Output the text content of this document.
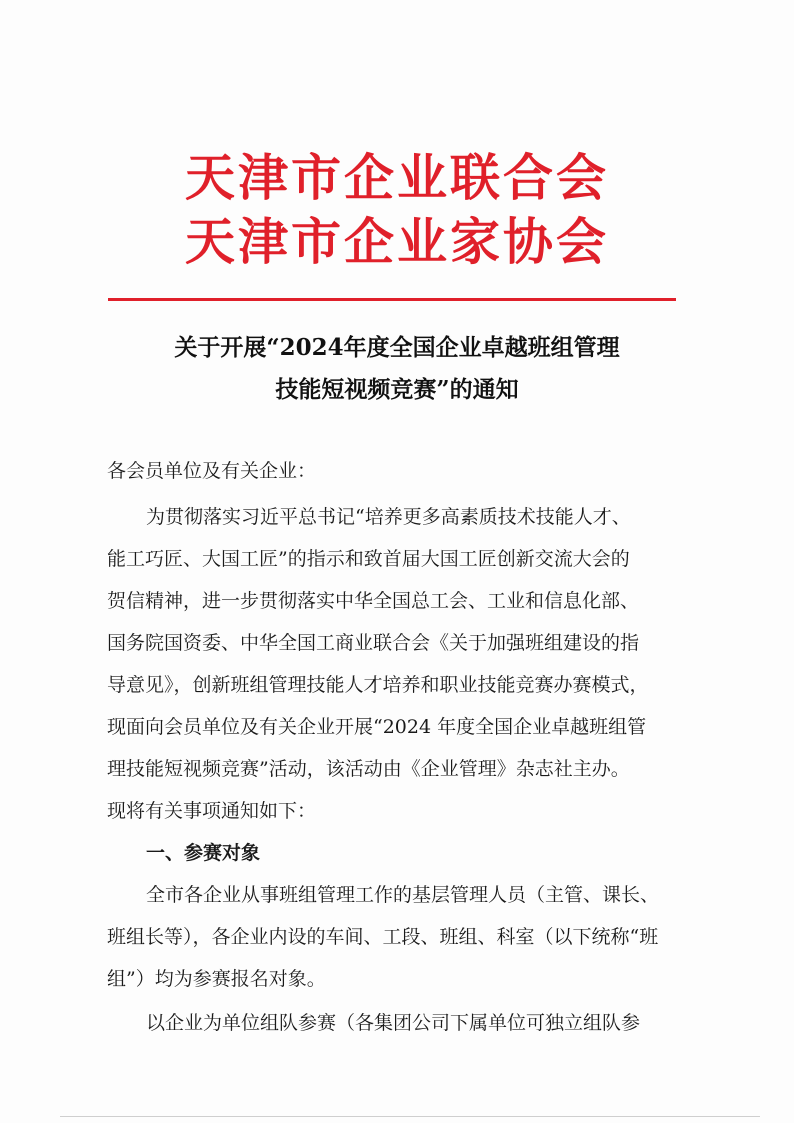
天津市企业联合会
天津市企业家协会
关于开展“2024年度全国企业卓越班组管理
技能短视频竞赛”的通知
各会员单位及有关企业：
为贯彻落实习近平总书记“培养更多高素质技术技能人才、
能工巧匠、大国工匠”的指示和致首届大国工匠创新交流大会的
贺信精神，进一步贯彻落实中华全国总工会、工业和信息化部、
国务院国资委、中华全国工商业联合会《关于加强班组建设的指
导意见》，创新班组管理技能人才培养和职业技能竞赛办赛模式，
现面向会员单位及有关企业开展“2024 年度全国企业卓越班组管
理技能短视频竞赛”活动，该活动由《企业管理》杂志社主办。
现将有关事项通知如下：
一、参赛对象
全市各企业从事班组管理工作的基层管理人员（主管、课长、
班组长等），各企业内设的车间、工段、班组、科室（以下统称“班
组”）均为参赛报名对象。
以企业为单位组队参赛（各集团公司下属单位可独立组队参
